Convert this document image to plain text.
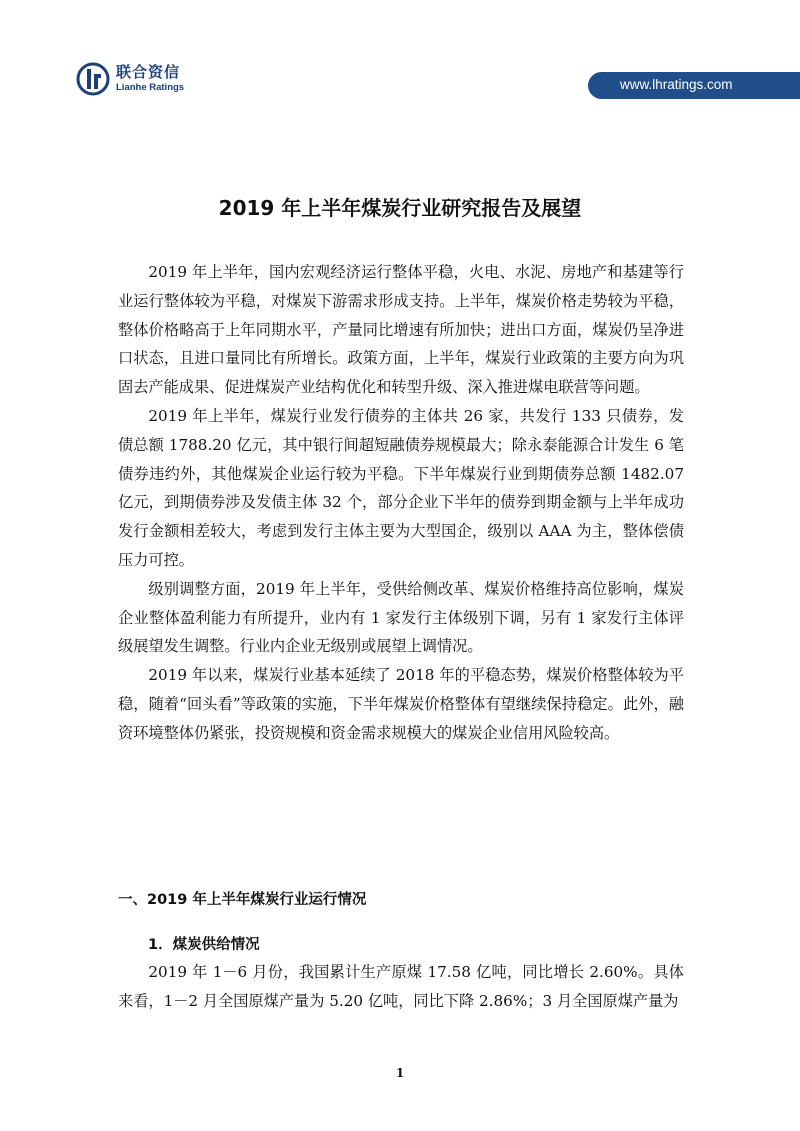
联合资信
Lianhe Ratings	www.lhratings.com
2019 年上半年煤炭行业研究报告及展望

2019 年上半年，国内宏观经济运行整体平稳，火电、水泥、房地产和基建等行业运行整体较为平稳，对煤炭下游需求形成支持。上半年，煤炭价格走势较为平稳，整体价格略高于上年同期水平，产量同比增速有所加快；进出口方面，煤炭仍呈净进口状态，且进口量同比有所增长。政策方面，上半年，煤炭行业政策的主要方向为巩固去产能成果、促进煤炭产业结构优化和转型升级、深入推进煤电联营等问题。

2019 年上半年，煤炭行业发行债券的主体共 26 家，共发行 133 只债券，发债总额 1788.20 亿元，其中银行间超短融债券规模最大；除永泰能源合计发生 6 笔债券违约外，其他煤炭企业运行较为平稳。下半年煤炭行业到期债券总额 1482.07 亿元，到期债券涉及发债主体 32 个，部分企业下半年的债券到期金额与上半年成功发行金额相差较大，考虑到发行主体主要为大型国企，级别以 AAA 为主，整体偿债压力可控。

级别调整方面，2019 年上半年，受供给侧改革、煤炭价格维持高位影响，煤炭企业整体盈利能力有所提升，业内有 1 家发行主体级别下调，另有 1 家发行主体评级展望发生调整。行业内企业无级别或展望上调情况。

2019 年以来，煤炭行业基本延续了 2018 年的平稳态势，煤炭价格整体较为平稳，随着“回头看”等政策的实施，下半年煤炭价格整体有望继续保持稳定。此外，融资环境整体仍紧张，投资规模和资金需求规模大的煤炭企业信用风险较高。

一、2019 年上半年煤炭行业运行情况
1．煤炭供给情况

2019 年 1－6 月份，我国累计生产原煤 17.58 亿吨，同比增长 2.60%。具体来看，1－2 月全国原煤产量为 5.20 亿吨，同比下降 2.86%；3 月全国原煤产量为

1
